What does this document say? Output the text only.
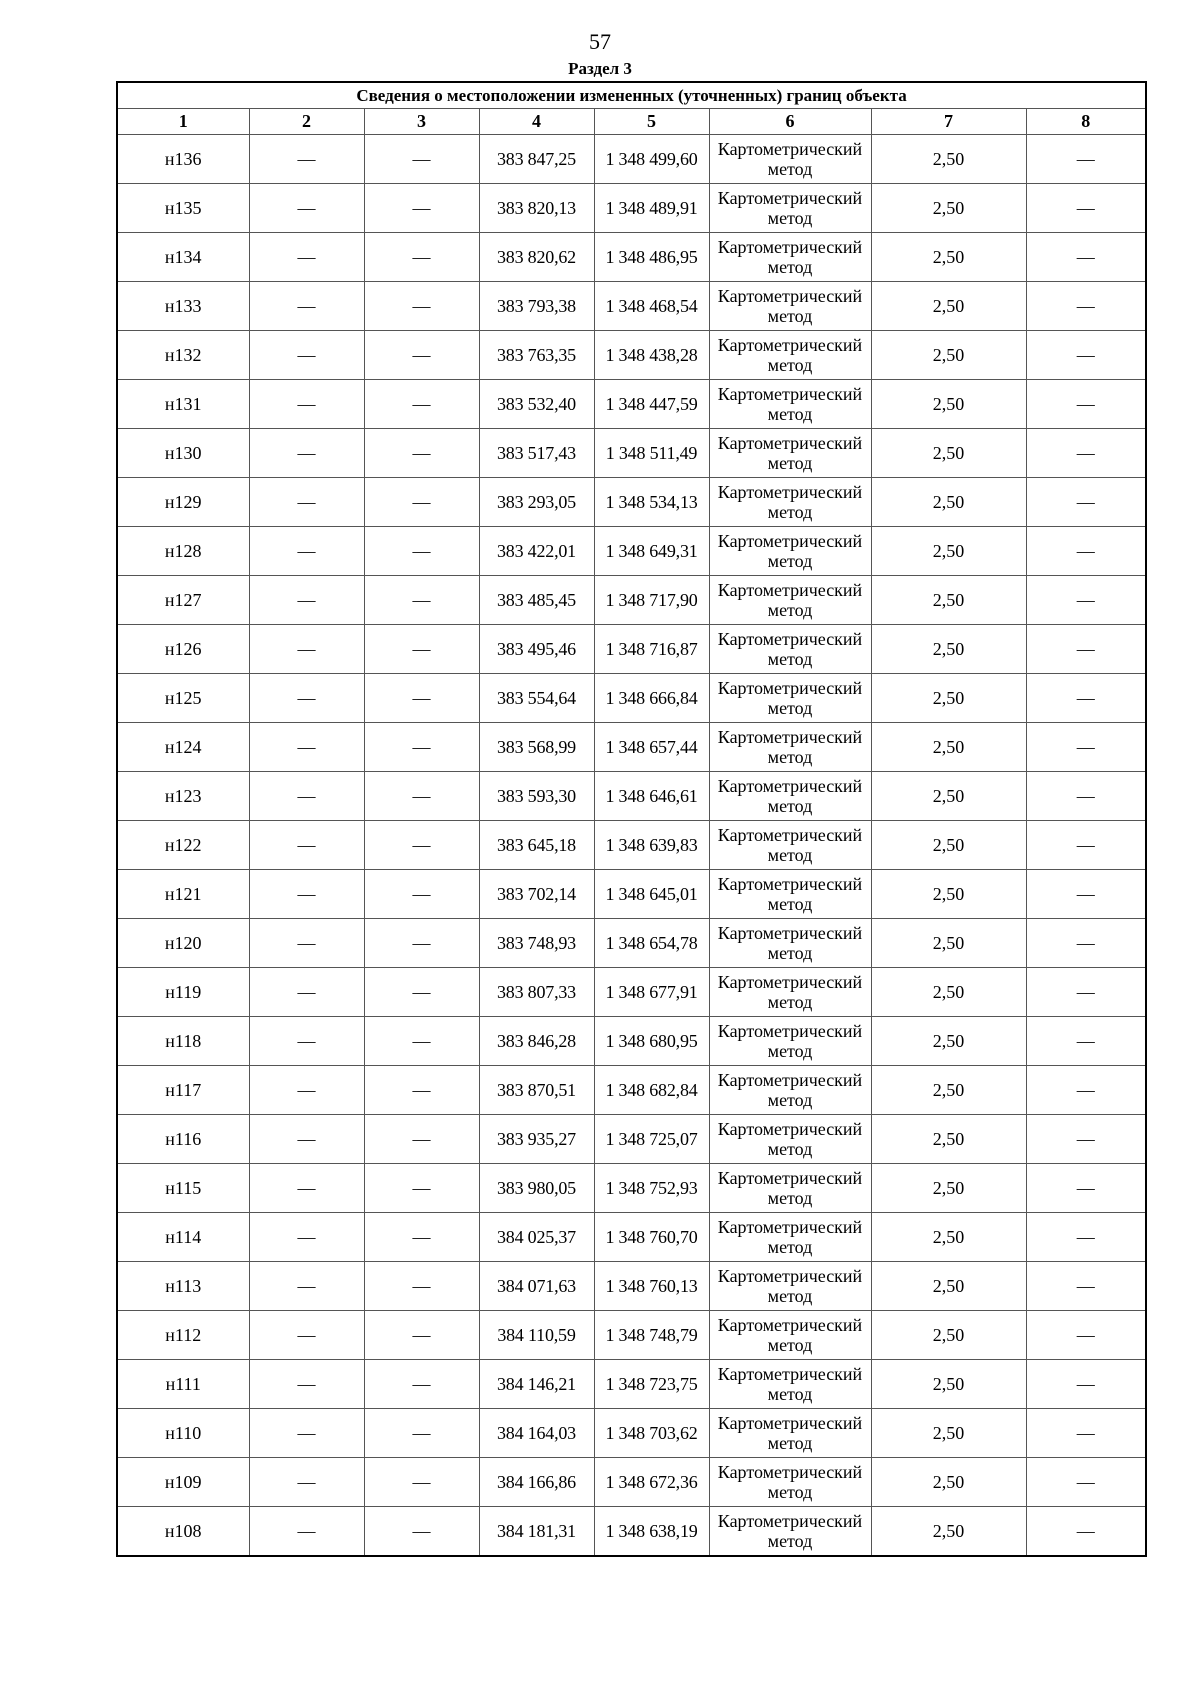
57
Раздел 3
Сведения о местоположении измененных (уточненных) границ объекта							
1	2	3	4	5	6	7	8
н136	—	—	383 847,25	1 348 499,60	Картометрический метод	2,50	—
н135	—	—	383 820,13	1 348 489,91	Картометрический метод	2,50	—
н134	—	—	383 820,62	1 348 486,95	Картометрический метод	2,50	—
н133	—	—	383 793,38	1 348 468,54	Картометрический метод	2,50	—
н132	—	—	383 763,35	1 348 438,28	Картометрический метод	2,50	—
н131	—	—	383 532,40	1 348 447,59	Картометрический метод	2,50	—
н130	—	—	383 517,43	1 348 511,49	Картометрический метод	2,50	—
н129	—	—	383 293,05	1 348 534,13	Картометрический метод	2,50	—
н128	—	—	383 422,01	1 348 649,31	Картометрический метод	2,50	—
н127	—	—	383 485,45	1 348 717,90	Картометрический метод	2,50	—
н126	—	—	383 495,46	1 348 716,87	Картометрический метод	2,50	—
н125	—	—	383 554,64	1 348 666,84	Картометрический метод	2,50	—
н124	—	—	383 568,99	1 348 657,44	Картометрический метод	2,50	—
н123	—	—	383 593,30	1 348 646,61	Картометрический метод	2,50	—
н122	—	—	383 645,18	1 348 639,83	Картометрический метод	2,50	—
н121	—	—	383 702,14	1 348 645,01	Картометрический метод	2,50	—
н120	—	—	383 748,93	1 348 654,78	Картометрический метод	2,50	—
н119	—	—	383 807,33	1 348 677,91	Картометрический метод	2,50	—
н118	—	—	383 846,28	1 348 680,95	Картометрический метод	2,50	—
н117	—	—	383 870,51	1 348 682,84	Картометрический метод	2,50	—
н116	—	—	383 935,27	1 348 725,07	Картометрический метод	2,50	—
н115	—	—	383 980,05	1 348 752,93	Картометрический метод	2,50	—
н114	—	—	384 025,37	1 348 760,70	Картометрический метод	2,50	—
н113	—	—	384 071,63	1 348 760,13	Картометрический метод	2,50	—
н112	—	—	384 110,59	1 348 748,79	Картометрический метод	2,50	—
н111	—	—	384 146,21	1 348 723,75	Картометрический метод	2,50	—
н110	—	—	384 164,03	1 348 703,62	Картометрический метод	2,50	—
н109	—	—	384 166,86	1 348 672,36	Картометрический метод	2,50	—
н108	—	—	384 181,31	1 348 638,19	Картометрический метод	2,50	—
